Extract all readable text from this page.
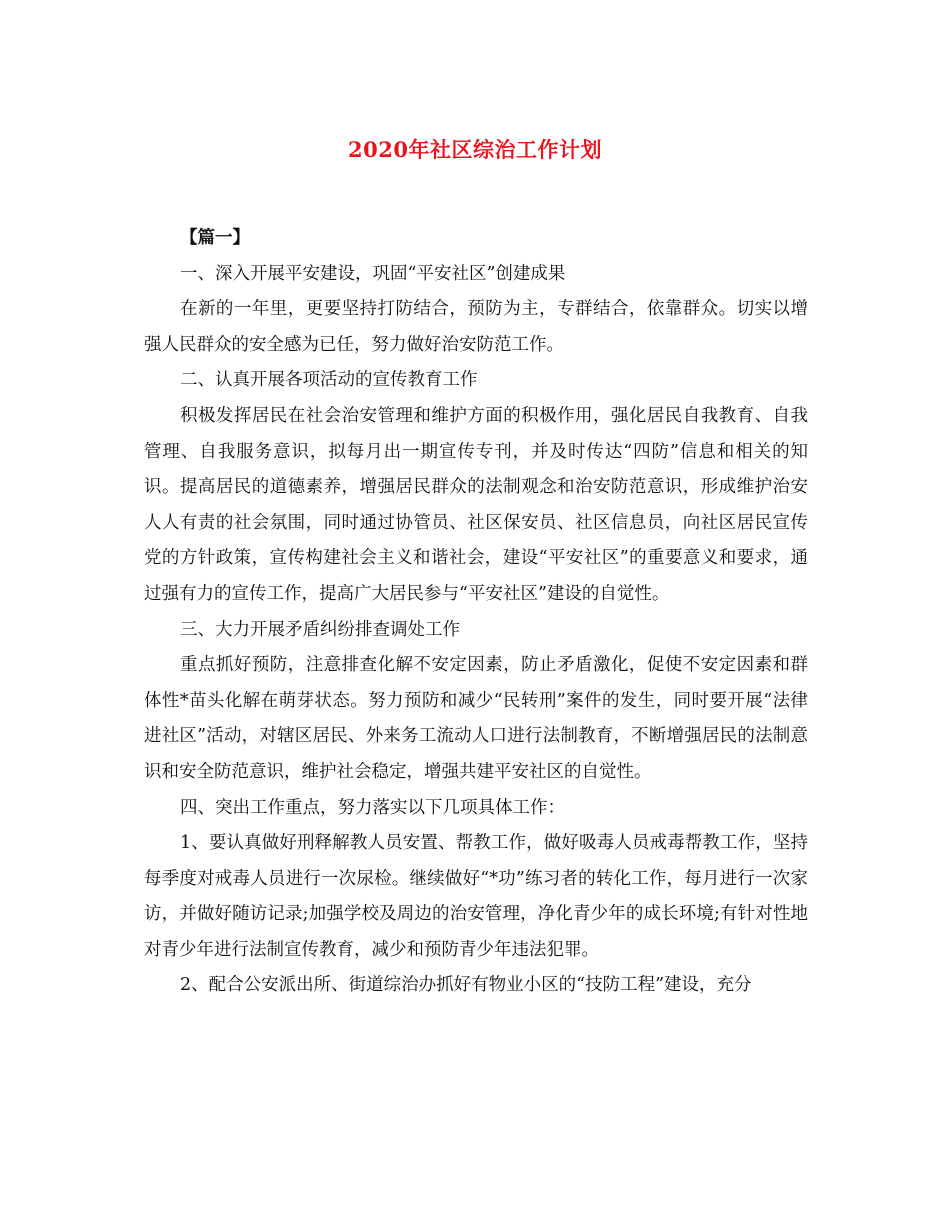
2020年社区综治工作计划

【篇一】

一、深入开展平安建设，巩固“平安社区”创建成果

在新的一年里，更要坚持打防结合，预防为主，专群结合，依靠群众。切实以增强人民群众的安全感为已任，努力做好治安防范工作。

二、认真开展各项活动的宣传教育工作

积极发挥居民在社会治安管理和维护方面的积极作用，强化居民自我教育、自我管理、自我服务意识，拟每月出一期宣传专刊，并及时传达“四防”信息和相关的知识。提高居民的道德素养，增强居民群众的法制观念和治安防范意识，形成维护治安人人有责的社会氛围，同时通过协管员、社区保安员、社区信息员，向社区居民宣传党的方针政策，宣传构建社会主义和谐社会，建设“平安社区”的重要意义和要求，通过强有力的宣传工作，提高广大居民参与“平安社区”建设的自觉性。

三、大力开展矛盾纠纷排查调处工作

重点抓好预防，注意排查化解不安定因素，防止矛盾激化，促使不安定因素和群体性*苗头化解在萌芽状态。努力预防和减少“民转刑”案件的发生，同时要开展“法律进社区”活动，对辖区居民、外来务工流动人口进行法制教育，不断增强居民的法制意识和安全防范意识，维护社会稳定，增强共建平安社区的自觉性。

四、突出工作重点，努力落实以下几项具体工作：

1、要认真做好刑释解教人员安置、帮教工作，做好吸毒人员戒毒帮教工作，坚持每季度对戒毒人员进行一次尿检。继续做好“*功”练习者的转化工作，每月进行一次家访，并做好随访记录;加强学校及周边的治安管理，净化青少年的成长环境;有针对性地对青少年进行法制宣传教育，减少和预防青少年违法犯罪。

2、配合公安派出所、街道综治办抓好有物业小区的“技防工程”建设，充分
